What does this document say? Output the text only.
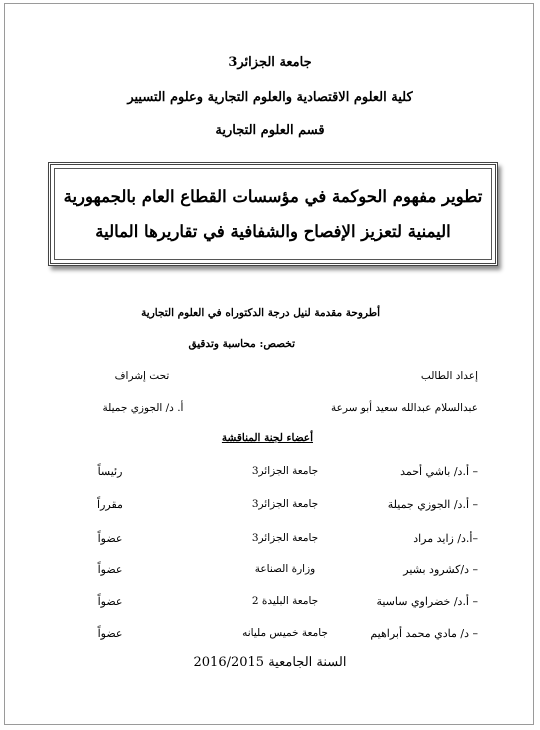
جامعة الجزائر3
كلية العلوم الاقتصادية والعلوم التجارية وعلوم التسيير
قسم العلوم التجارية
تطوير مفهوم الحوكمة في مؤسسات القطاع العام بالجمهورية
اليمنية لتعزيز الإفصاح والشفافية في تقاريرها المالية
أطروحة مقدمة لنيل درجة الدكتوراه في العلوم التجارية
تخصص: محاسبة وتدقيق
إعداد الطالب
تحت إشراف
عبدالسلام عبدالله سعيد أبو سرعة
أ. د/ الجوزي جميلة
أعضاء لجنة المناقشة
– أ.د/ باشي أحمد
جامعة الجزائر3
رئيساً
– أ.د/ الجوزي جميلة
جامعة الجزائر3
مقرراً
–أ.د/ زايد مراد
جامعة الجزائر3
عضواً
– د/كشرود بشير
وزارة الصناعة
عضواً
– أ.د/ خضراوي ساسية
جامعة البليدة 2
عضواً
– د/ مادي محمد أبراهيم
جامعة خميس مليانه
عضواً
السنة الجامعية 2016/2015
